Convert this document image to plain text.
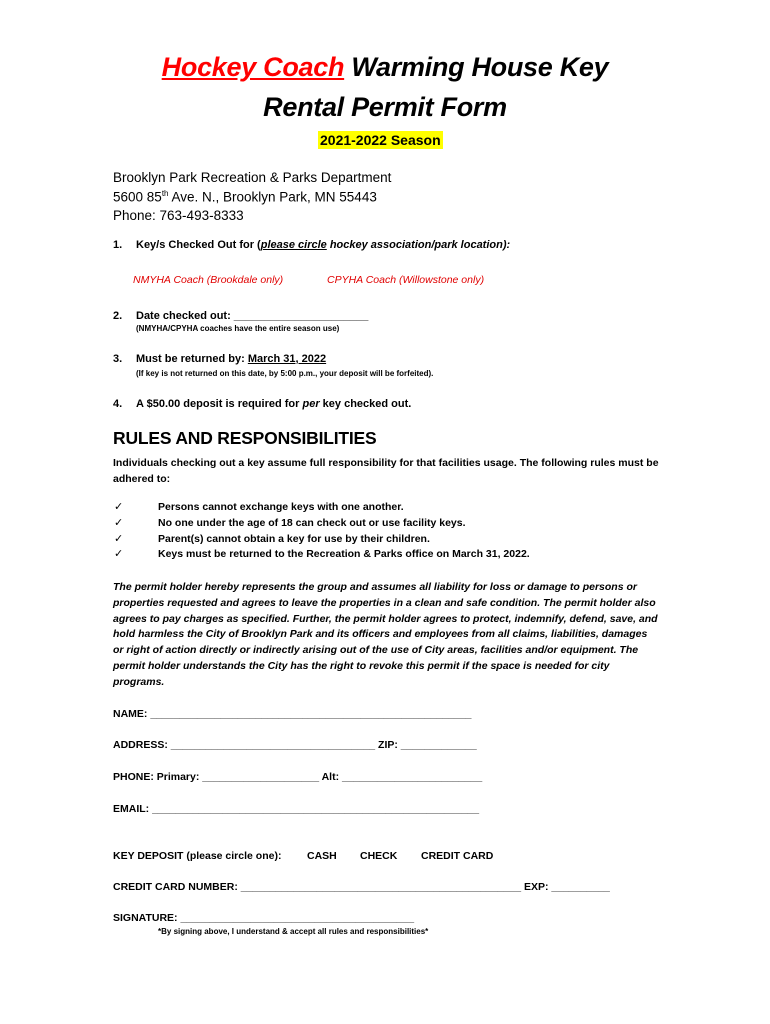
Hockey Coach Warming House Key
Rental Permit Form
2021-2022 Season
Brooklyn Park Recreation & Parks Department
5600 85th Ave. N., Brooklyn Park, MN 55443
Phone: 763-493-8333
1. Key/s Checked Out for (please circle hockey association/park location):
NMYHA Coach (Brookdale only)	CPYHA Coach (Willowstone only)
2. Date checked out: ______________________
(NMYHA/CPYHA coaches have the entire season use)
3. Must be returned by: March 31, 2022
(If key is not returned on this date, by 5:00 p.m., your deposit will be forfeited).
4. A $50.00 deposit is required for per key checked out.
RULES AND RESPONSIBILITIES
Individuals checking out a key assume full responsibility for that facilities usage. The following rules must be adhered to:
✓	Persons cannot exchange keys with one another.
✓	No one under the age of 18 can check out or use facility keys.
✓	Parent(s) cannot obtain a key for use by their children.
✓	Keys must be returned to the Recreation & Parks office on March 31, 2022.
The permit holder hereby represents the group and assumes all liability for loss or damage to persons or properties requested and agrees to leave the properties in a clean and safe condition. The permit holder also agrees to pay charges as specified. Further, the permit holder agrees to protect, indemnify, defend, save, and hold harmless the City of Brooklyn Park and its officers and employees from all claims, liabilities, damages or right of action directly or indirectly arising out of the use of City areas, facilities and/or equipment. The permit holder understands the City has the right to revoke this permit if the space is needed for city programs.
NAME: _______________________________________________________
ADDRESS: ___________________________________ ZIP: _____________
PHONE: Primary: ____________________ Alt: ________________________
EMAIL: ________________________________________________________
KEY DEPOSIT (please circle one): CASH CHECK CREDIT CARD
CREDIT CARD NUMBER: ________________________________________________ EXP: __________
SIGNATURE: ________________________________________
*By signing above, I understand & accept all rules and responsibilities*
